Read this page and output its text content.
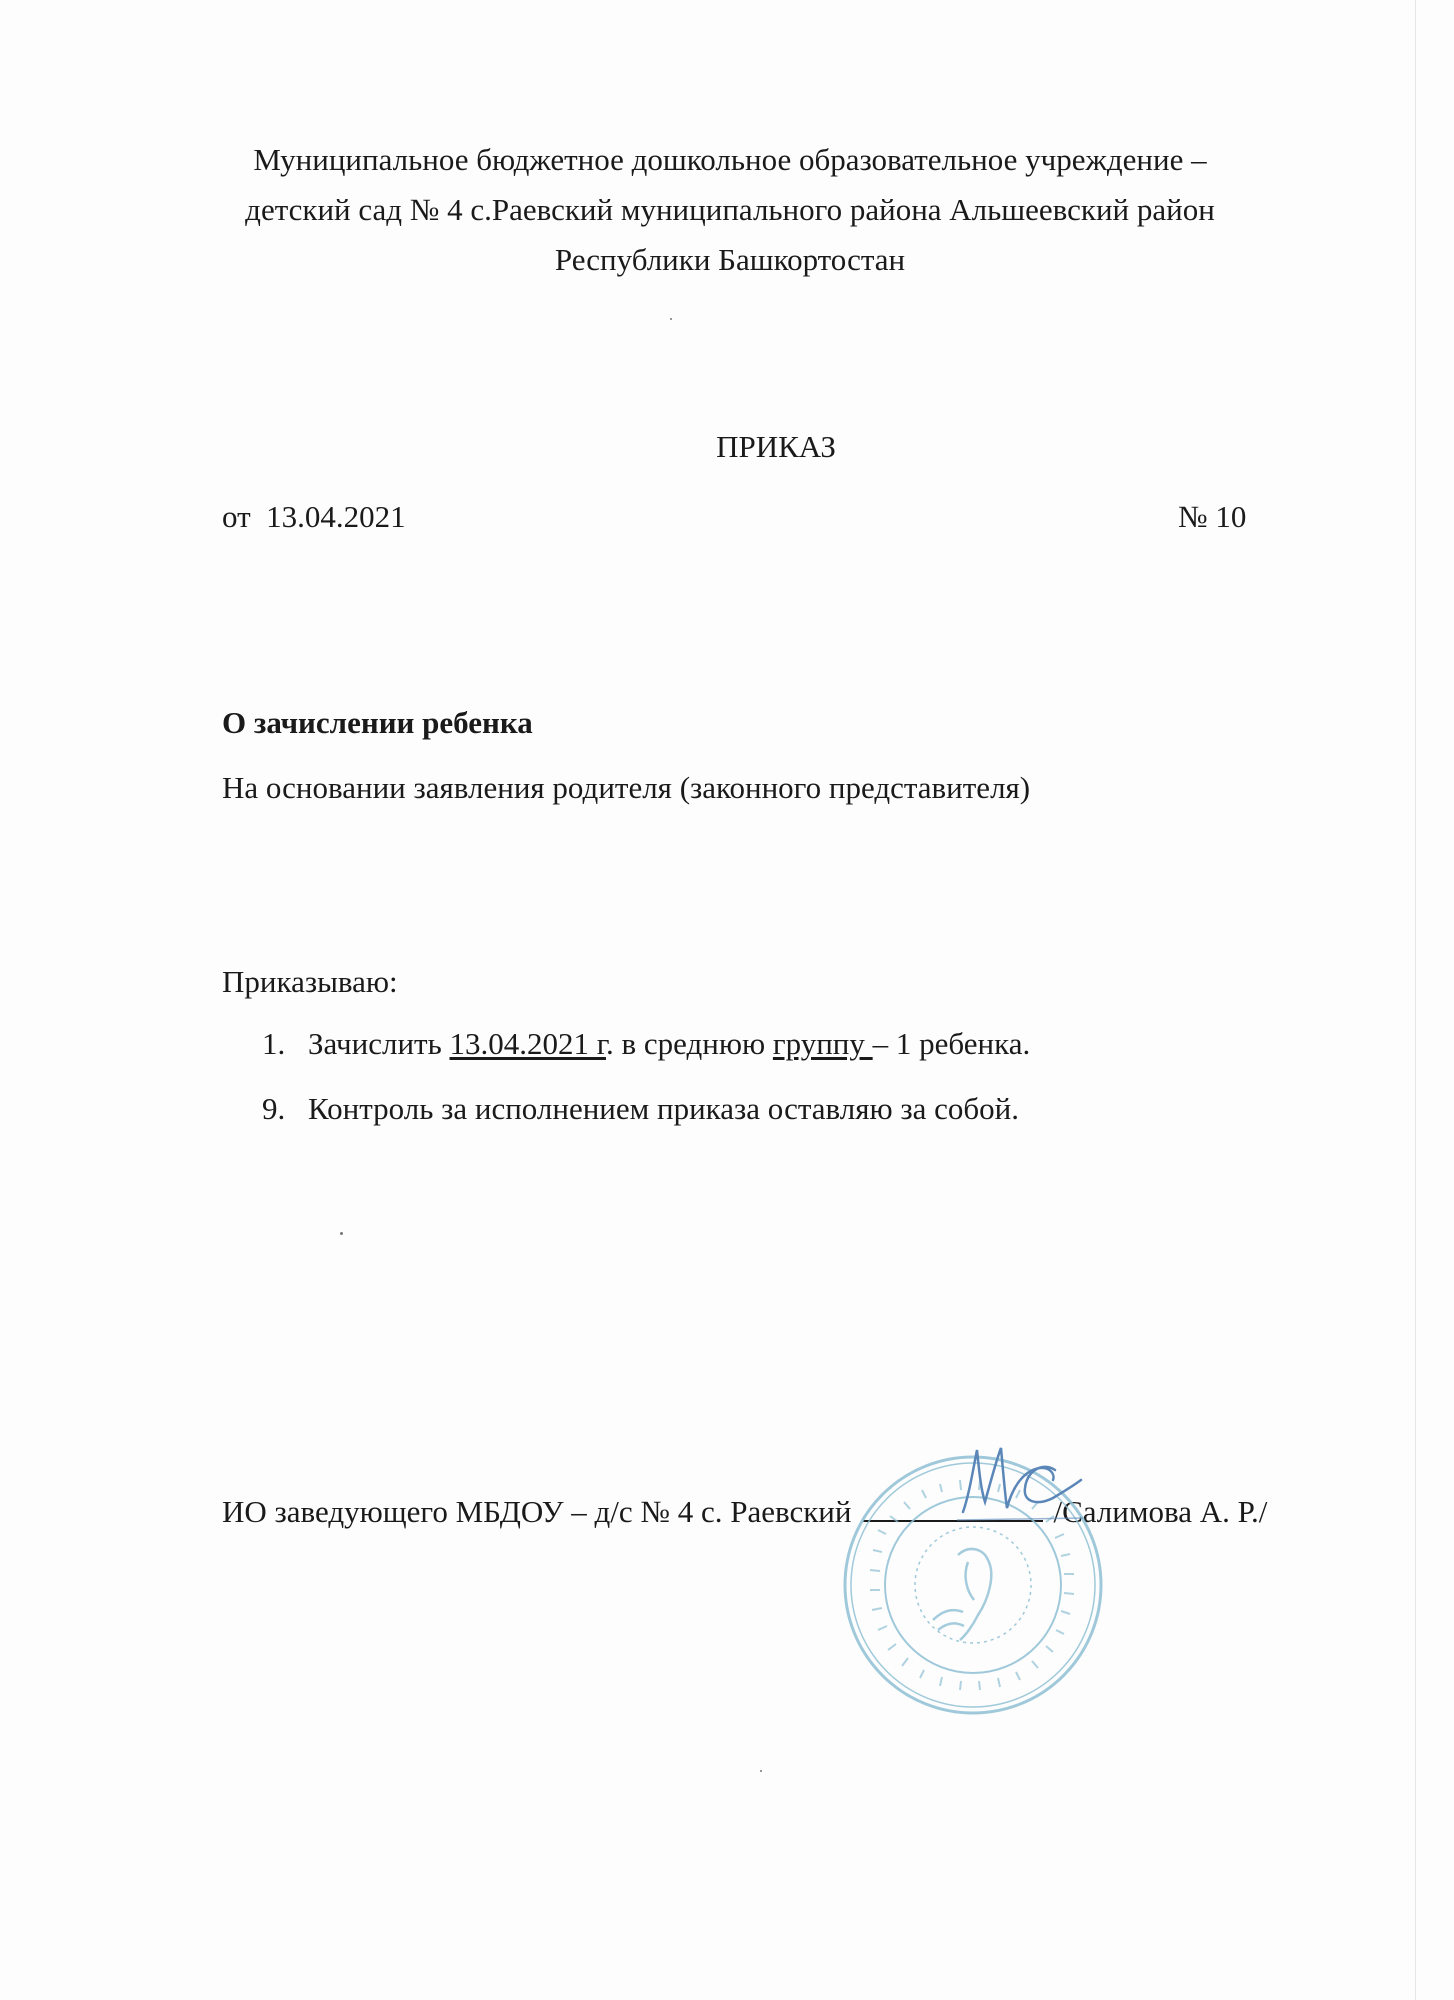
Муниципальное бюджетное дошкольное образовательное учреждение –
детский сад № 4 с.Раевский муниципального района Альшеевский район
Республики Башкортостан
ПРИКАЗ
от 13.04.2021	№ 10
О зачислении ребенка
На основании заявления родителя (законного представителя)
Приказываю:
1. Зачислить 13.04.2021 г. в среднюю группу – 1 ребенка.
9. Контроль за исполнением приказа оставляю за собой.
ИО заведующего МБДОУ – д/с № 4 с. Раевский	/Салимова А. Р./
